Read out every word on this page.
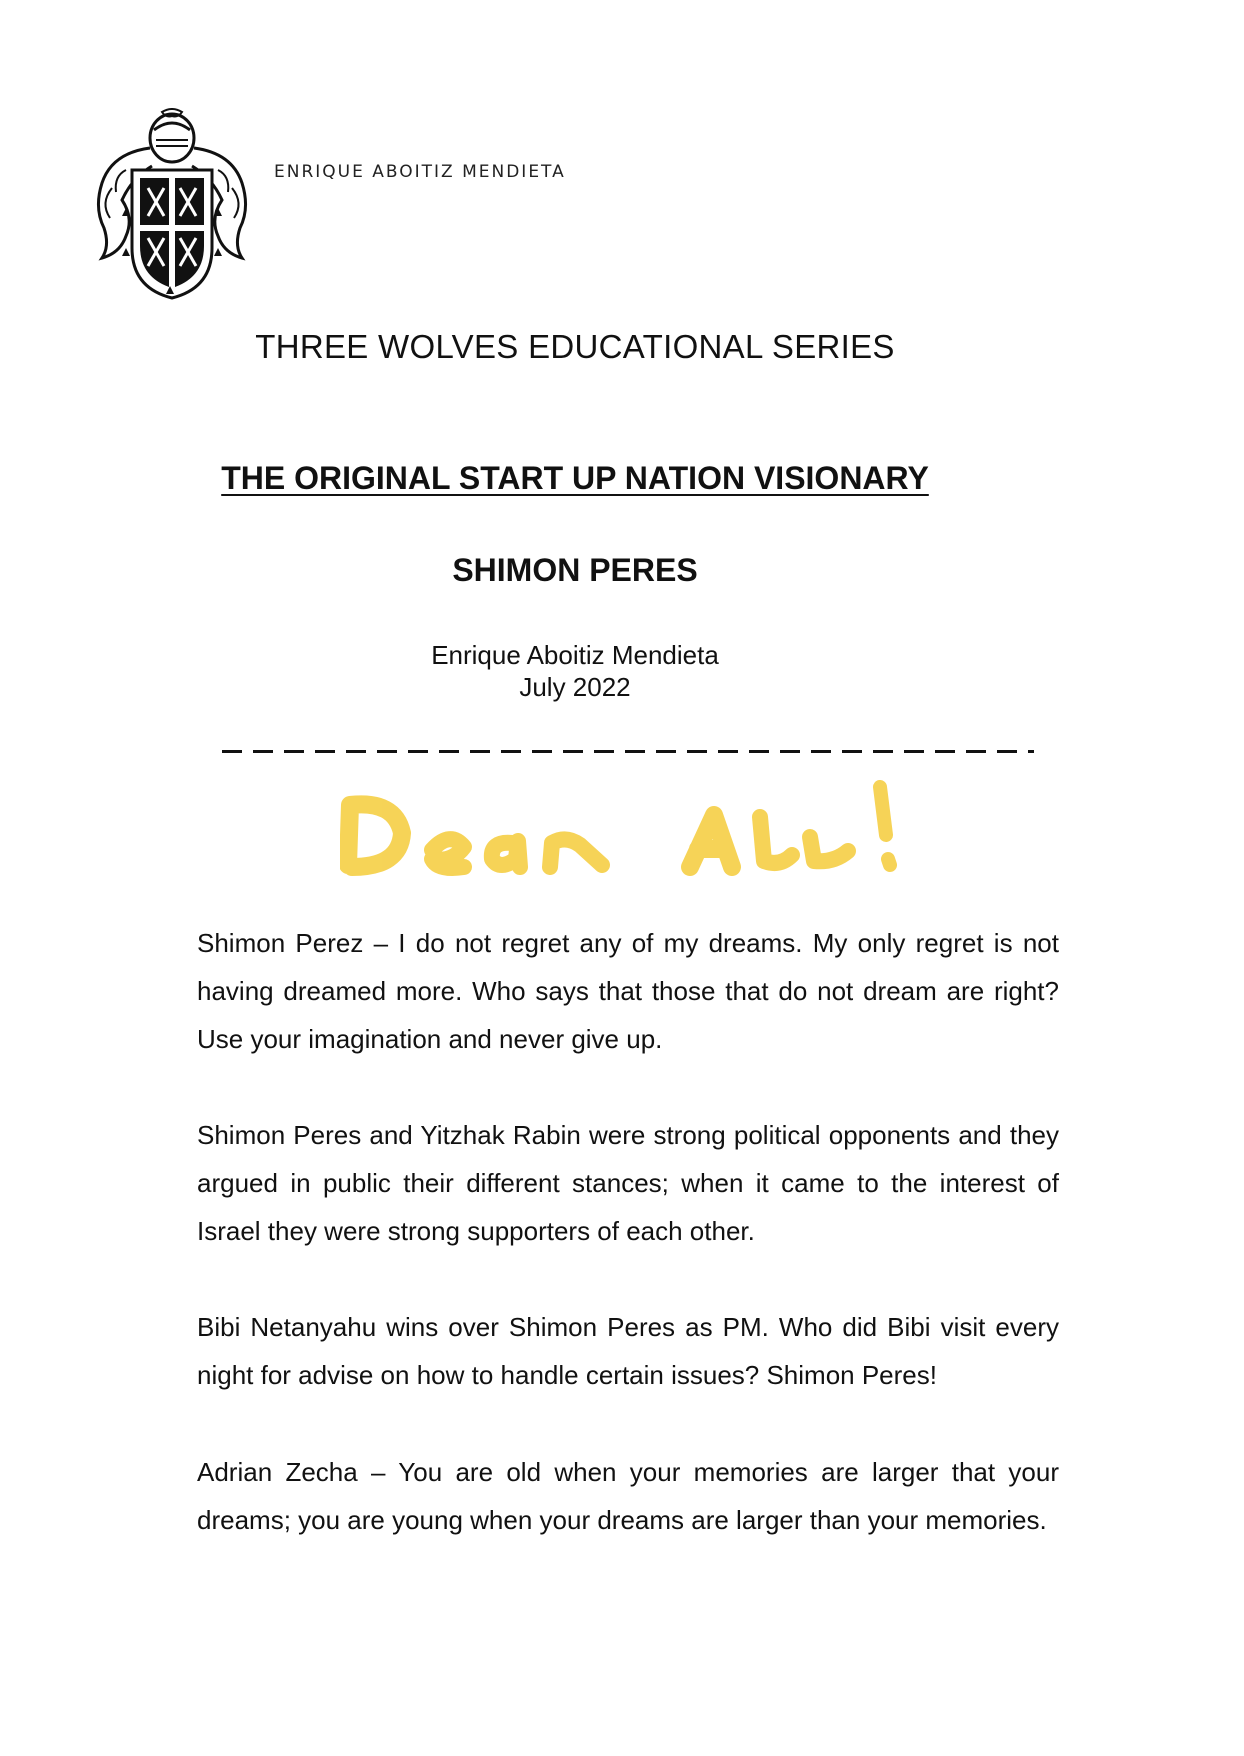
ENRIQUE ABOITIZ MENDIETA
THREE WOLVES EDUCATIONAL SERIES
THE ORIGINAL START UP NATION VISIONARY
SHIMON PERES
Enrique Aboitiz Mendieta
July 2022

Shimon Perez – I do not regret any of my dreams. My only regret is not having dreamed more. Who says that those that do not dream are right? Use your imagination and never give up.

Shimon Peres and Yitzhak Rabin were strong political opponents and they argued in public their different stances; when it came to the interest of Israel they were strong supporters of each other.

Bibi Netanyahu wins over Shimon Peres as PM. Who did Bibi visit every night for advise on how to handle certain issues? Shimon Peres!

Adrian Zecha – You are old when your memories are larger that your dreams; you are young when your dreams are larger than your memories.
